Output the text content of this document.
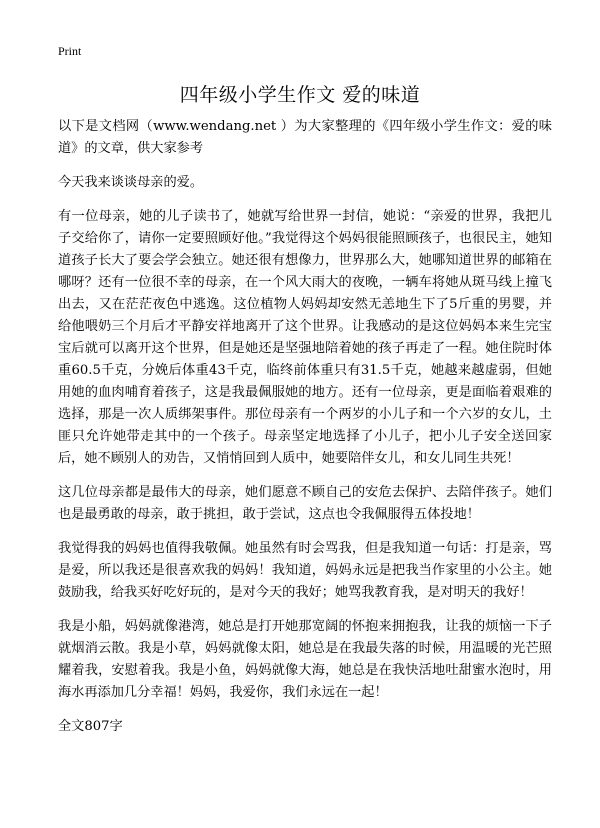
Print
四年级小学生作文 爱的味道

以下是文档网（www.wendang.net ）为大家整理的《四年级小学生作文：爱的味道》的文章，供大家参考

今天我来谈谈母亲的爱。

有一位母亲，她的儿子读书了，她就写给世界一封信，她说：“亲爱的世界，我把儿子交给你了，请你一定要照顾好他。”我觉得这个妈妈很能照顾孩子，也很民主，她知道孩子长大了要会学会独立。她还很有想像力，世界那么大，她哪知道世界的邮箱在哪呀？还有一位很不幸的母亲，在一个风大雨大的夜晚，一辆车将她从斑马线上撞飞出去，又在茫茫夜色中逃逸。这位植物人妈妈却安然无恙地生下了5斤重的男婴，并给他喂奶三个月后才平静安祥地离开了这个世界。让我感动的是这位妈妈本来生完宝宝后就可以离开这个世界，但是她还是坚强地陪着她的孩子再走了一程。她住院时体重60.5千克，分娩后体重43千克，临终前体重只有31.5千克，她越来越虚弱，但她用她的血肉哺育着孩子，这是我最佩服她的地方。还有一位母亲，更是面临着艰难的选择，那是一次人质绑架事件。那位母亲有一个两岁的小儿子和一个六岁的女儿，土匪只允许她带走其中的一个孩子。母亲坚定地选择了小儿子，把小儿子安全送回家后，她不顾别人的劝告，又悄悄回到人质中，她要陪伴女儿，和女儿同生共死！

这几位母亲都是最伟大的母亲，她们愿意不顾自己的安危去保护、去陪伴孩子。她们也是最勇敢的母亲，敢于挑担，敢于尝试，这点也令我佩服得五体投地！

我觉得我的妈妈也值得我敬佩。她虽然有时会骂我，但是我知道一句话：打是亲，骂是爱，所以我还是很喜欢我的妈妈！我知道，妈妈永远是把我当作家里的小公主。她鼓励我，给我买好吃好玩的，是对今天的我好；她骂我教育我，是对明天的我好！

我是小船，妈妈就像港湾，她总是打开她那宽阔的怀抱来拥抱我，让我的烦恼一下子就烟消云散。我是小草，妈妈就像太阳，她总是在我最失落的时候，用温暖的光芒照耀着我，安慰着我。我是小鱼，妈妈就像大海，她总是在我快活地吐甜蜜水泡时，用海水再添加几分幸福！妈妈，我爱你，我们永远在一起！

全文807字
